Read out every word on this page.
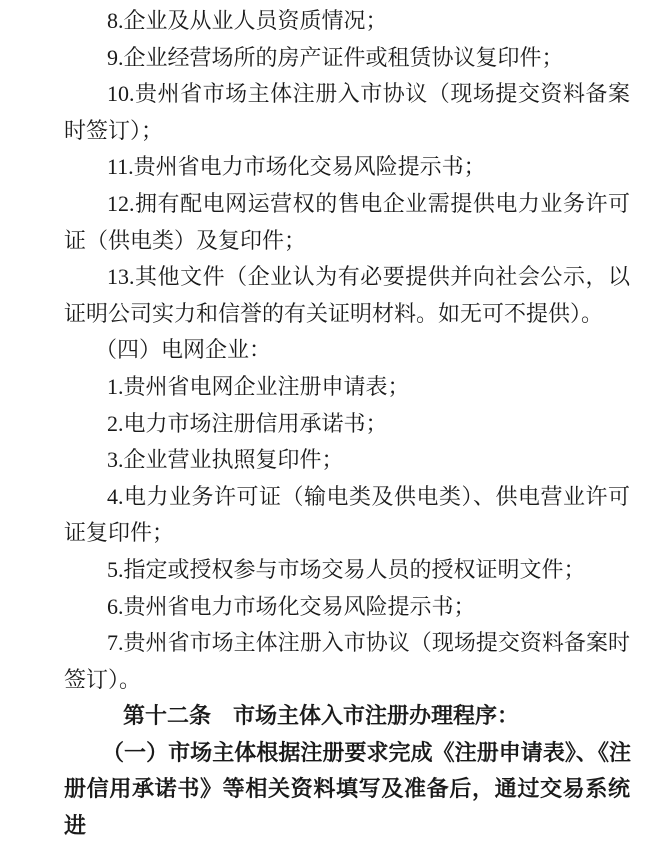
8.企业及从业人员资质情况；
9.企业经营场所的房产证件或租赁协议复印件；
10.贵州省市场主体注册入市协议（现场提交资料备案
时签订）；
11.贵州省电力市场化交易风险提示书；
12.拥有配电网运营权的售电企业需提供电力业务许可
证（供电类）及复印件；
13.其他文件（企业认为有必要提供并向社会公示，以
证明公司实力和信誉的有关证明材料。如无可不提供）。
（四）电网企业：
1.贵州省电网企业注册申请表；
2.电力市场注册信用承诺书；
3.企业营业执照复印件；
4.电力业务许可证（输电类及供电类）、供电营业许可
证复印件；
5.指定或授权参与市场交易人员的授权证明文件；
6.贵州省电力市场化交易风险提示书；
7.贵州省市场主体注册入市协议（现场提交资料备案时
签订）。
第十二条　市场主体入市注册办理程序：
（一）市场主体根据注册要求完成《注册申请表》、《注
册信用承诺书》等相关资料填写及准备后，通过交易系统进
